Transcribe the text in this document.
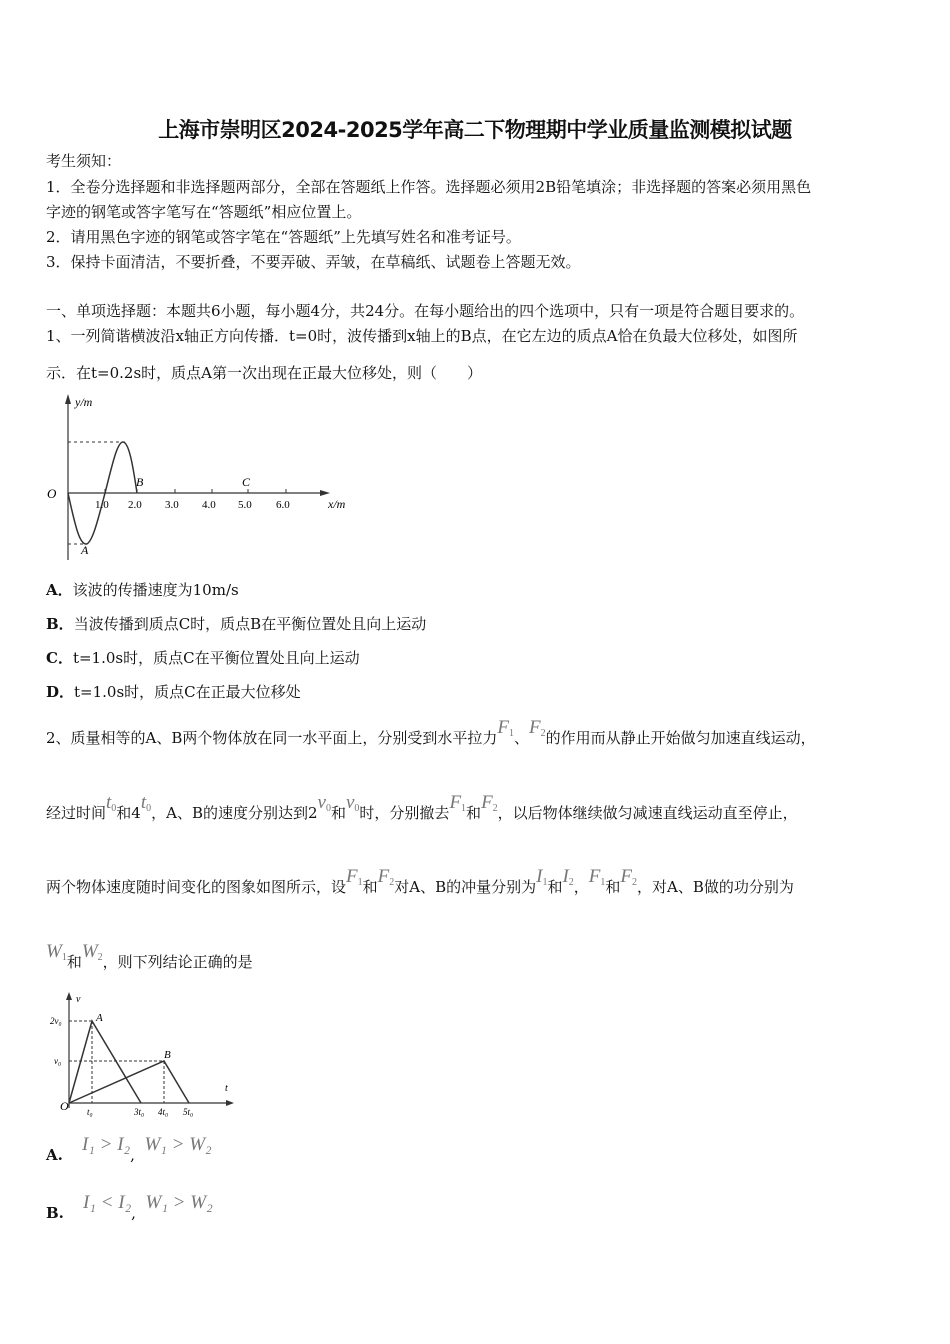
上海市崇明区2024-2025学年高二下物理期中学业质量监测模拟试题
考生须知：
1．全卷分选择题和非选择题两部分，全部在答题纸上作答。选择题必须用2B铅笔填涂；非选择题的答案必须用黑色
字迹的钢笔或答字笔写在“答题纸”相应位置上。
2．请用黑色字迹的钢笔或答字笔在“答题纸”上先填写姓名和准考证号。
3．保持卡面清洁，不要折叠，不要弄破、弄皱，在草稿纸、试题卷上答题无效。
一、单项选择题：本题共6小题，每小题4分，共24分。在每小题给出的四个选项中，只有一项是符合题目要求的。
1、一列简谐横波沿x轴正方向传播．t=0时，波传播到x轴上的B点，在它左边的质点A恰在负最大位移处，如图所
示．在t=0.2s时，质点A第一次出现在正最大位移处，则（　　）
y/m
O
1.0 2.0 3.0 4.0 5.0 6.0	x/m
A
B	C
A．该波的传播速度为10m/s
B．当波传播到质点C时，质点B在平衡位置处且向上运动
C．t=1.0s时，质点C在平衡位置处且向上运动
D．t=1.0s时，质点C在正最大位移处
2、质量相等的A、B两个物体放在同一水平面上，分别受到水平拉力$F_1$、$F_2$的作用而从静止开始做匀加速直线运动，
经过时间$t_0$和$4t_0$，A、B的速度分别达到$2v_0$和$v_0$时，分别撤去$F_1$和$F_2$，以后物体继续做匀减速直线运动直至停止，
两个物体速度随时间变化的图象如图所示，设$F_1$和$F_2$对A、B的冲量分别为$I_1$和$I_2$，$F_1$和$F_2$，对A、B做的功分别为
$W_1$和$W_2$，则下列结论正确的是
v
t
O
2v₀
v₀
t₀	3t₀ 4t₀ 5t₀
A
B
A. I₁ > I₂, W₁ > W₂
B. I₁ < I₂, W₁ > W₂
